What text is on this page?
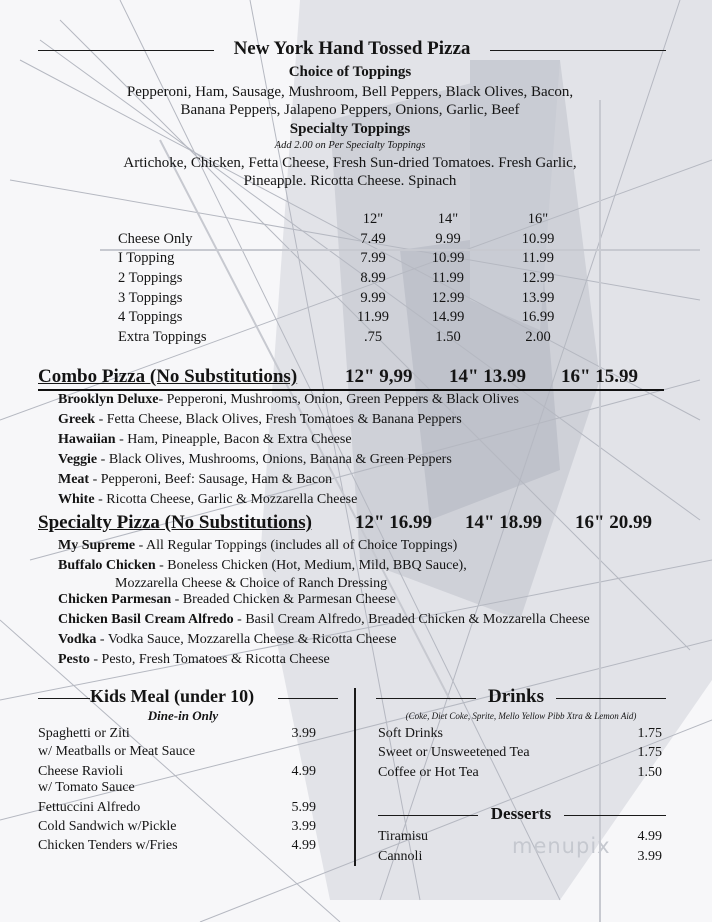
New York Hand Tossed Pizza
Choice of Toppings
Pepperoni, Ham, Sausage, Mushroom, Bell Peppers, Black Olives, Bacon,
Banana Peppers, Jalapeno Peppers, Onions, Garlic, Beef
Specialty Toppings
Add 2.00 on Per Specialty Toppings
Artichoke, Chicken, Fetta Cheese, Fresh Sun-dried Tomatoes. Fresh Garlic,
Pineapple. Ricotta Cheese. Spinach
	12"	14"	16"
Cheese Only	7.49	9.99	10.99
I Topping	7.99	10.99	11.99
2 Toppings	8.99	11.99	12.99
3 Toppings	9.99	12.99	13.99
4 Toppings	11.99	14.99	16.99
Extra Toppings	.75	1.50	2.00
Combo Pizza (No Substitutions)	12" 9,99 14" 13.99 16" 15.99
Brooklyn Deluxe- Pepperoni, Mushrooms, Onion, Green Peppers & Black Olives
Greek - Fetta Cheese, Black Olives, Fresh Tomatoes & Banana Peppers
Hawaiian - Ham, Pineapple, Bacon & Extra Cheese
Veggie - Black Olives, Mushrooms, Onions, Banana & Green Peppers
Meat - Pepperoni, Beef: Sausage, Ham & Bacon
White - Ricotta Cheese, Garlic & Mozzarella Cheese
Specialty Pizza (No Substitutions) 12" 16.99 14" 18.99 16" 20.99
My Supreme - All Regular Toppings (includes all of Choice Toppings)
Buffalo Chicken - Boneless Chicken (Hot, Medium, Mild, BBQ Sauce),
Mozzarella Cheese & Choice of Ranch Dressing
Chicken Parmesan - Breaded Chicken & Parmesan Cheese
Chicken Basil Cream Alfredo - Basil Cream Alfredo, Breaded Chicken & Mozzarella Cheese
Vodka - Vodka Sauce, Mozzarella Cheese & Ricotta Cheese
Pesto - Pesto, Fresh Tomatoes & Ricotta Cheese
Kids Meal (under 10)
Dine-in Only
Spaghetti or Ziti	3.99
w/ Meatballs or Meat Sauce
Cheese Ravioli	4.99
w/ Tomato Sauce
Fettuccini Alfredo	5.99
Cold Sandwich w/Pickle	3.99
Chicken Tenders w/Fries	4.99
Drinks
(Coke, Diet Coke, Sprite, Mello Yellow Pibb Xtra & Lemon Aid)
Soft Drinks	1.75
Sweet or Unsweetened Tea	1.75
Coffee or Hot Tea	1.50
Desserts
Tiramisu	4.99
Cannoli	3.99
menupix
